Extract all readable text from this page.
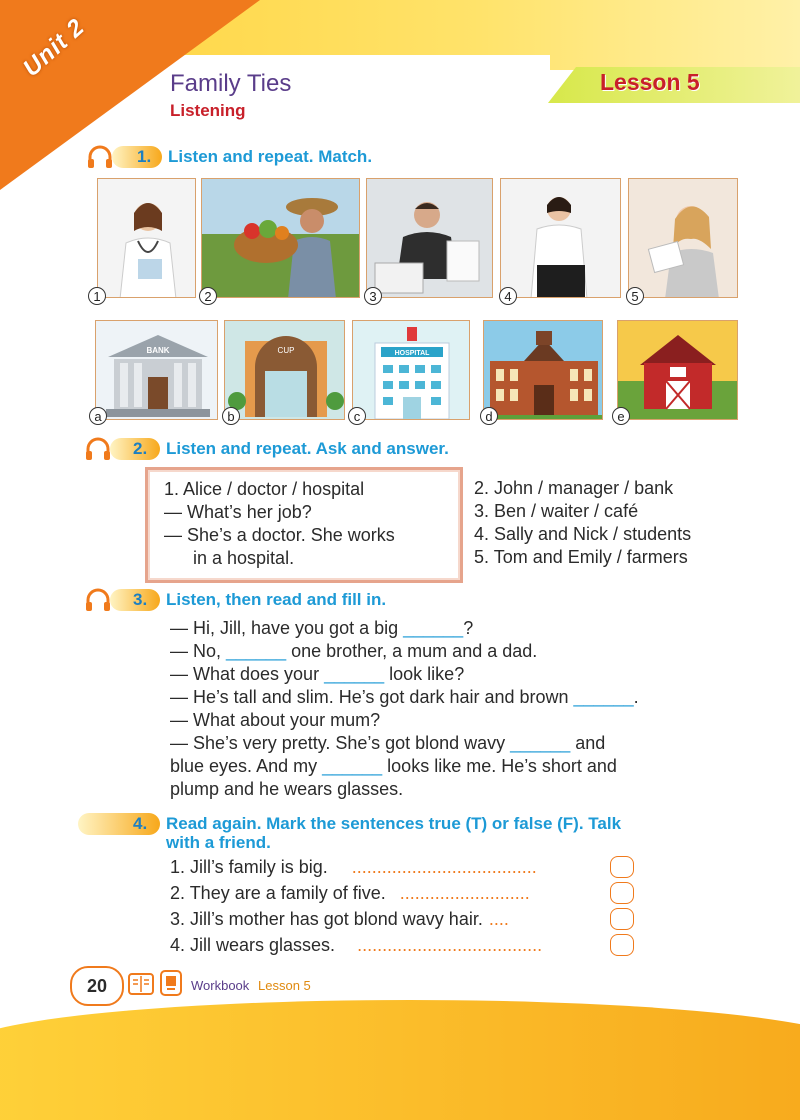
Unit 2
Family Ties
Listening
Lesson 5
1. Listen and repeat. Match.
1	2	3	4	5
BANK
a
CUP
b
HOSPITAL
c	d	e
2. Listen and repeat. Ask and answer.
1. Alice / doctor / hospital
— What’s her job?
— She’s a doctor. She works
in a hospital.
2. John / manager / bank
3. Ben / waiter / café
4. Sally and Nick / students
5. Tom and Emily / farmers
3. Listen, then read and fill in.
— Hi, Jill, have you got a big ______?
— No, ______ one brother, a mum and a dad.
— What does your ______ look like?
— He’s tall and slim. He’s got dark hair and brown ______.
— What about your mum?
— She’s very pretty. She’s got blond wavy ______ and
blue eyes. And my ______ looks like me. He’s short and
plump and he wears glasses.
4. Read again. Mark the sentences true (T) or false (F). Talk
with a friend.
1. Jill’s family is big. .....................................
2. They are a family of five. ..........................
3. Jill’s mother has got blond wavy hair. ....
4. Jill wears glasses. .....................................
20	Workbook Lesson 5
